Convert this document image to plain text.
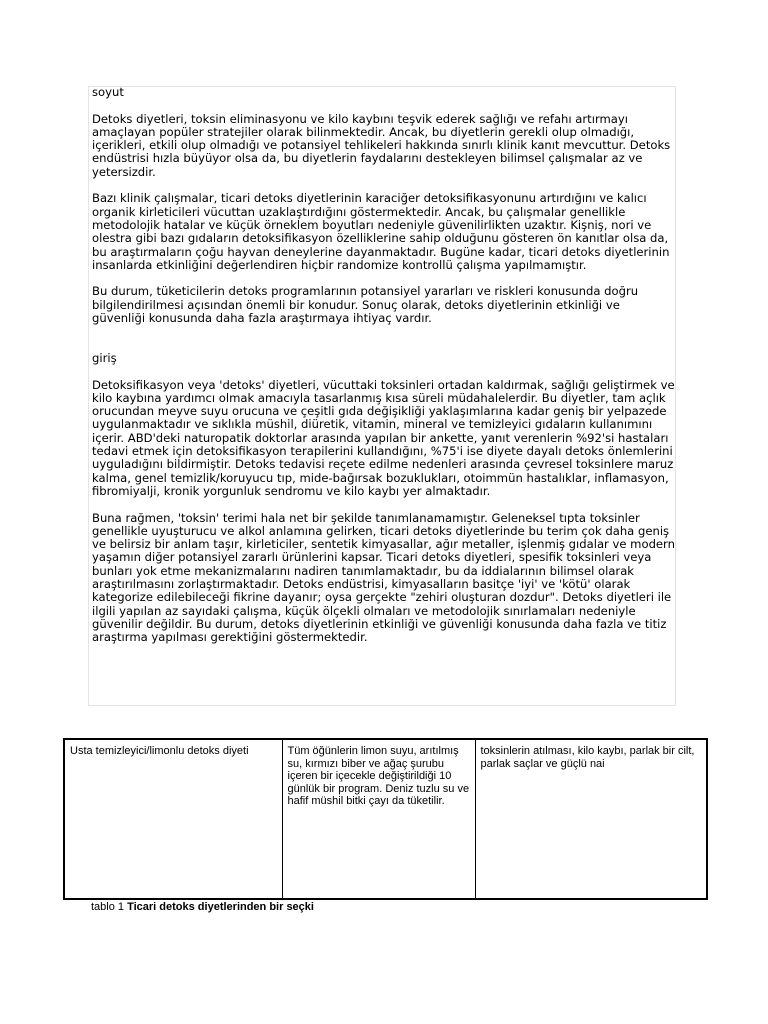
soyut

Detoks diyetleri, toksin eliminasyonu ve kilo kaybını teşvik ederek sağlığı ve refahı artırmayı amaçlayan popüler stratejiler olarak bilinmektedir. Ancak, bu diyetlerin gerekli olup olmadığı, içerikleri, etkili olup olmadığı ve potansiyel tehlikeleri hakkında sınırlı klinik kanıt mevcuttur. Detoks endüstrisi hızla büyüyor olsa da, bu diyetlerin faydalarını destekleyen bilimsel çalışmalar az ve yetersizdir.

Bazı klinik çalışmalar, ticari detoks diyetlerinin karaciğer detoksifikasyonunu artırdığını ve kalıcı organik kirleticileri vücuttan uzaklaştırdığını göstermektedir. Ancak, bu çalışmalar genellikle metodolojik hatalar ve küçük örneklem boyutları nedeniyle güvenilirlikten uzaktır. Kişniş, nori ve olestra gibi bazı gıdaların detoksifikasyon özelliklerine sahip olduğunu gösteren ön kanıtlar olsa da, bu araştırmaların çoğu hayvan deneylerine dayanmaktadır. Bugüne kadar, ticari detoks diyetlerinin insanlarda etkinliğini değerlendiren hiçbir randomize kontrollü çalışma yapılmamıştır.

Bu durum, tüketicilerin detoks programlarının potansiyel yararları ve riskleri konusunda doğru bilgilendirilmesi açısından önemli bir konudur. Sonuç olarak, detoks diyetlerinin etkinliği ve güvenliği konusunda daha fazla araştırmaya ihtiyaç vardır.

giriş

Detoksifikasyon veya 'detoks' diyetleri, vücuttaki toksinleri ortadan kaldırmak, sağlığı geliştirmek ve kilo kaybına yardımcı olmak amacıyla tasarlanmış kısa süreli müdahalelerdir. Bu diyetler, tam açlık orucundan meyve suyu orucuna ve çeşitli gıda değişikliği yaklaşımlarına kadar geniş bir yelpazede uygulanmaktadır ve sıklıkla müshil, diüretik, vitamin, mineral ve temizleyici gıdaların kullanımını içerir. ABD'deki naturopatik doktorlar arasında yapılan bir ankette, yanıt verenlerin %92'si hastaları tedavi etmek için detoksifikasyon terapilerini kullandığını, %75'i ise diyete dayalı detoks önlemlerini uyguladığını bildirmiştir. Detoks tedavisi reçete edilme nedenleri arasında çevresel toksinlere maruz kalma, genel temizlik/koruyucu tıp, mide-bağırsak bozuklukları, otoimmün hastalıklar, inflamasyon, fibromiyalji, kronik yorgunluk sendromu ve kilo kaybı yer almaktadır.

Buna rağmen, 'toksin' terimi hala net bir şekilde tanımlanamamıştır. Geleneksel tıpta toksinler genellikle uyuşturucu ve alkol anlamına gelirken, ticari detoks diyetlerinde bu terim çok daha geniş ve belirsiz bir anlam taşır, kirleticiler, sentetik kimyasallar, ağır metaller, işlenmiş gıdalar ve modern yaşamın diğer potansiyel zararlı ürünlerini kapsar. Ticari detoks diyetleri, spesifik toksinleri veya bunları yok etme mekanizmalarını nadiren tanımlamaktadır, bu da iddialarının bilimsel olarak araştırılmasını zorlaştırmaktadır. Detoks endüstrisi, kimyasalların basitçe 'iyi' ve 'kötü' olarak kategorize edilebileceği fikrine dayanır; oysa gerçekte "zehiri oluşturan dozdur". Detoks diyetleri ile ilgili yapılan az sayıdaki çalışma, küçük ölçekli olmaları ve metodolojik sınırlamaları nedeniyle güvenilir değildir. Bu durum, detoks diyetlerinin etkinliği ve güvenliği konusunda daha fazla ve titiz araştırma yapılması gerektiğini göstermektedir.

Usta temizleyici/limonlu detoks diyeti	Tüm öğünlerin limon suyu, arıtılmış su, kırmızı biber ve ağaç şurubu içeren bir içecekle değiştirildiği 10 günlük bir program. Deniz tuzlu su ve hafif müshil bitki çayı da tüketilir.	toksinlerin atılması, kilo kaybı, parlak bir cilt, parlak saçlar ve güçlü nai
tablo 1 Ticari detoks diyetlerinden bir seçki
